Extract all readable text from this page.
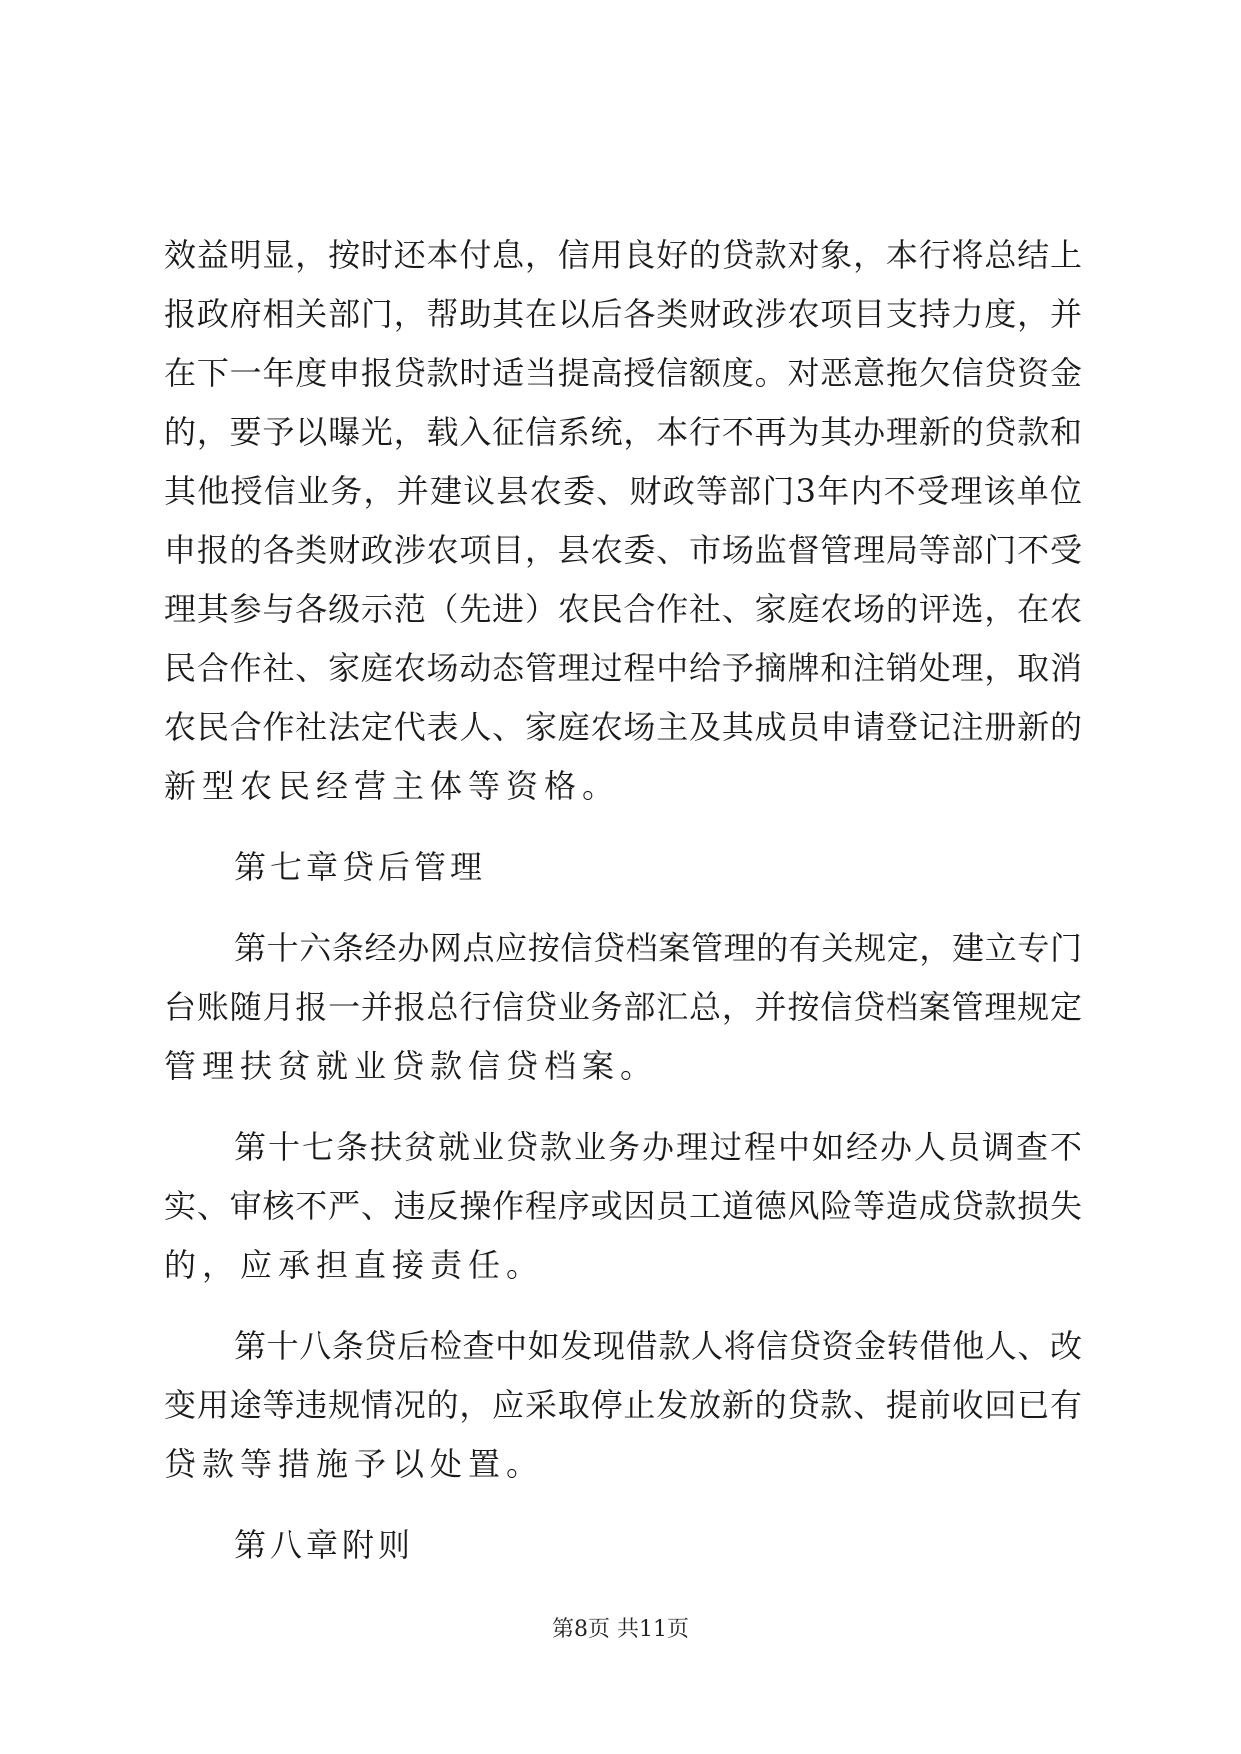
效益明显，按时还本付息，信用良好的贷款对象，本行将总结上
报政府相关部门，帮助其在以后各类财政涉农项目支持力度，并
在下一年度申报贷款时适当提高授信额度。对恶意拖欠信贷资金
的，要予以曝光，载入征信系统，本行不再为其办理新的贷款和
其他授信业务，并建议县农委、财政等部门3年内不受理该单位
申报的各类财政涉农项目，县农委、市场监督管理局等部门不受
理其参与各级示范（先进）农民合作社、家庭农场的评选，在农
民合作社、家庭农场动态管理过程中给予摘牌和注销处理，取消
农民合作社法定代表人、家庭农场主及其成员申请登记注册新的
新型农民经营主体等资格。
第七章贷后管理
第十六条经办网点应按信贷档案管理的有关规定，建立专门
台账随月报一并报总行信贷业务部汇总，并按信贷档案管理规定
管理扶贫就业贷款信贷档案。
第十七条扶贫就业贷款业务办理过程中如经办人员调查不
实、审核不严、违反操作程序或因员工道德风险等造成贷款损失
的，应承担直接责任。
第十八条贷后检查中如发现借款人将信贷资金转借他人、改
变用途等违规情况的，应采取停止发放新的贷款、提前收回已有
贷款等措施予以处置。
第八章附则
第8页 共11页
